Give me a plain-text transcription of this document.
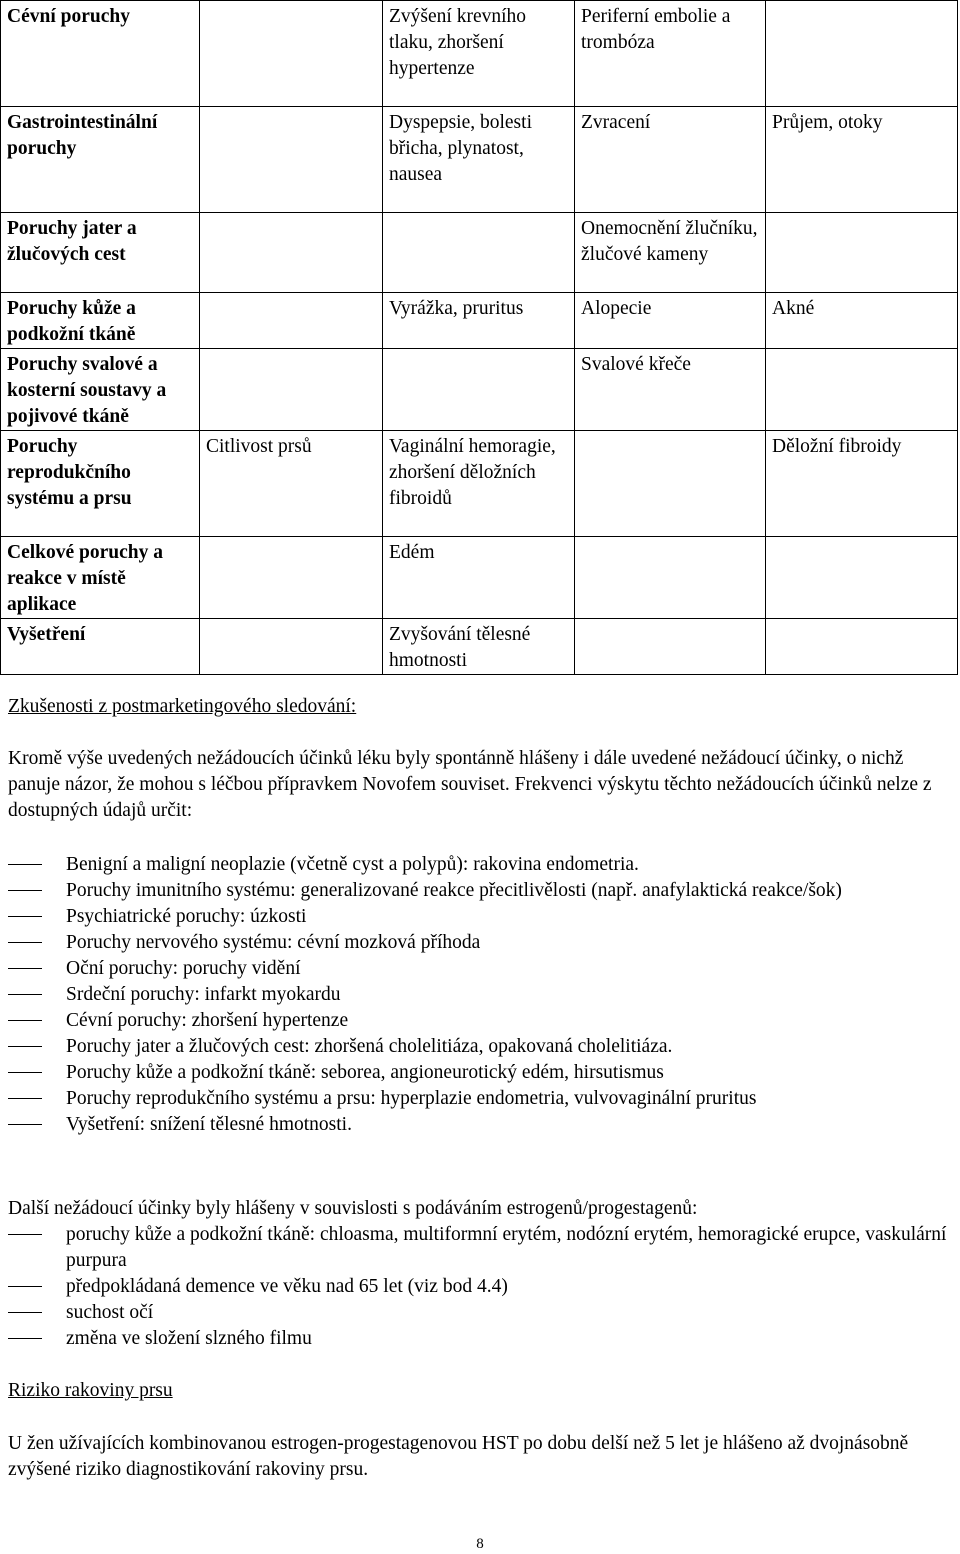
Cévní poruchy		Zvýšení krevního tlaku, zhoršení hypertenze	Periferní embolie a trombóza	
Gastrointestinální poruchy		Dyspepsie, bolesti břicha, plynatost, nausea	Zvracení	Průjem, otoky
Poruchy jater a žlučových cest			Onemocnění žlučníku, žlučové kameny	
Poruchy kůže a podkožní tkáně		Vyrážka, pruritus	Alopecie	Akné
Poruchy svalové a kosterní soustavy a pojivové tkáně			Svalové křeče	
Poruchy reprodukčního systému a prsu	Citlivost prsů	Vaginální hemoragie, zhoršení děložních fibroidů		Děložní fibroidy
Celkové poruchy a reakce v místě aplikace		Edém		
Vyšetření		Zvyšování tělesné hmotnosti		
Zkušenosti z postmarketingového sledování:
Kromě výše uvedených nežádoucích účinků léku byly spontánně hlášeny i dále uvedené nežádoucí účinky, o nichž panuje názor, že mohou s léčbou přípravkem Novofem souviset. Frekvenci výskytu těchto nežádoucích účinků nelze z dostupných údajů určit:
Benigní a maligní neoplazie (včetně cyst a polypů): rakovina endometria.
Poruchy imunitního systému: generalizované reakce přecitlivělosti (např. anafylaktická reakce/šok)
Psychiatrické poruchy: úzkosti
Poruchy nervového systému: cévní mozková příhoda
Oční poruchy: poruchy vidění
Srdeční poruchy: infarkt myokardu
Cévní poruchy: zhoršení hypertenze
Poruchy jater a žlučových cest: zhoršená cholelitiáza, opakovaná cholelitiáza.
Poruchy kůže a podkožní tkáně: seborea, angioneurotický edém, hirsutismus
Poruchy reprodukčního systému a prsu: hyperplazie endometria, vulvovaginální pruritus
Vyšetření: snížení tělesné hmotnosti.
Další nežádoucí účinky byly hlášeny v souvislosti s podáváním estrogenů/progestagenů:
poruchy kůže a podkožní tkáně: chloasma, multiformní erytém, nodózní erytém, hemoragické erupce, vaskulární purpura
předpokládaná demence ve věku nad 65 let (viz bod 4.4)
suchost očí
změna ve složení slzného filmu
Riziko rakoviny prsu
U žen užívajících kombinovanou estrogen-progestagenovou HST po dobu delší než 5 let je hlášeno až dvojnásobně zvýšené riziko diagnostikování rakoviny prsu.
8
